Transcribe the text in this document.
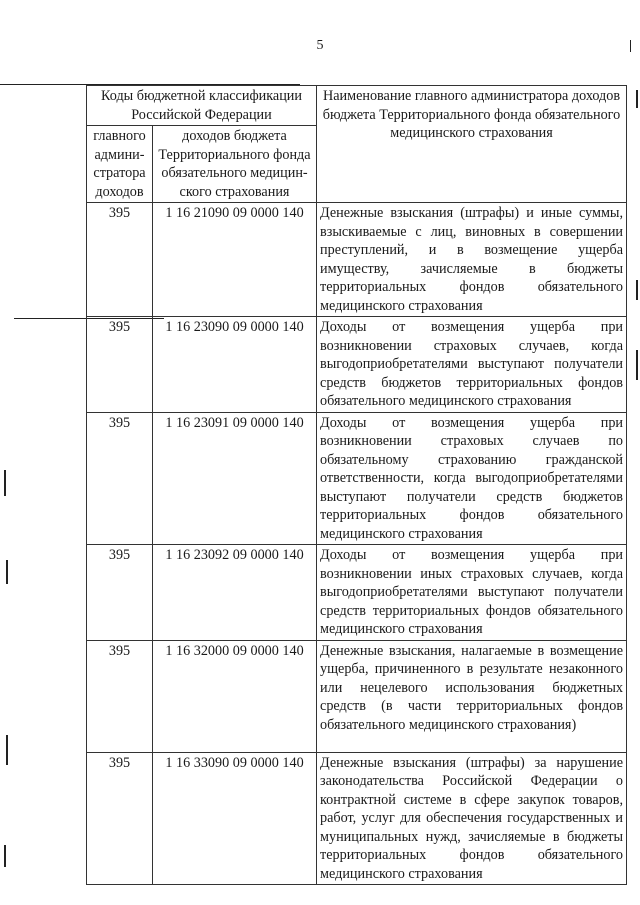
5
Коды бюджетной классификации Российской Федерации		Наименование главного администратора доходов бюджета Территориального фонда обязательного медицинского страхования
главного админи-стратора доходов	доходов бюджета Территориального фонда обязательного медицин-ского страхования	
395	1 16 21090 09 0000 140	Денежные взыскания (штрафы) и иные суммы, взыскиваемые с лиц, виновных в совершении преступлений, и в возмещение ущерба имуществу, зачисляемые в бюджеты территориальных фондов обязательного медицинского страхования
395	1 16 23090 09 0000 140	Доходы от возмещения ущерба при возникновении страховых случаев, когда выгодоприобретателями выступают получатели средств бюджетов территориальных фондов обязательного медицинского страхования
395	1 16 23091 09 0000 140	Доходы от возмещения ущерба при возникновении страховых случаев по обязательному страхованию гражданской ответственности, когда выгодоприобретателями выступают получатели средств бюджетов территориальных фондов обязательного медицинского страхования
395	1 16 23092 09 0000 140	Доходы от возмещения ущерба при возникновении иных страховых случаев, когда выгодоприобретателями выступают получатели средств территориальных фондов обязательного медицинского страхования
395	1 16 32000 09 0000 140	Денежные взыскания, налагаемые в возмещение ущерба, причиненного в результате незаконного или нецелевого использования бюджетных средств (в части территориальных фондов обязательного медицинского страхования)
395	1 16 33090 09 0000 140	Денежные взыскания (штрафы) за нарушение законодательства Российской Федерации о контрактной системе в сфере закупок товаров, работ, услуг для обеспечения государственных и муниципальных нужд, зачисляемые в бюджеты территориальных фондов обязательного медицинского страхования
